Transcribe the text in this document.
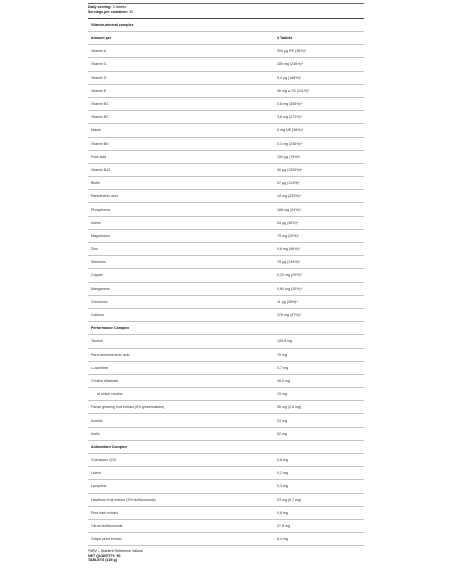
Daily serving: 3 tablets
Servings per container: 30
Vitamin-mineral complex
Amount per	3 Tablets
Vitamin A	300 µg RE (38%)*
Vitamin C	189 mg (236%)*
Vitamin D	9,4 µg (188%)*
Vitamin E	36 mg α-TE (311%)*
Vitamin B1	3,8 mg (345%)*
Vitamin B2	3,8 mg (271%)*
Niacin	6 mg NE (38%)*
Vitamin B6	3,3 mg (236%)*
Folic acid	150 µg (75%)*
Vitamin B12	30 µg (1200%)*
Biotin	57 µg (114%)*
Pantothenic acid	14 mg (233%)*
Phosphorus	168 mg (24%)*
Iodine	54 µg (36%)*
Magnesium	75 mg (20%)*
Zinc	9,6 mg (96%)*
Selenium	78 µg (139%)*
Copper	0,29 mg (29%)*
Manganese	0,60 mg (30%)*
Chromium	11 µg (28%)*
Calcium	375 mg (47%)*
Performance Complex
Taurine	105,6 mg
Para-aminobenzoic acid	75 mg
L-carnitine	4,7 mg
Choline bitartrate	45,9 mg
of which choline	19 mg
Panax ginseng root extract (5% ginsenosides)	56 mg (2,8 mg)
Inositol	23 mg
Inulin	52 mg
Antioxidant Complex
Coenzyme Q10	0,8 mg
Lutein	0,2 mg
Lycopene	0,3 mg
Hawthorn fruit extract (3% bioflavonoids)	23 mg (0,7 mg)
Pine bark extract	0,8 mg
Citrus bioflavonoids	37,8 mg
Grape seed extract	6,4 mg
*NRV – Nutrient Reference Values
NET QUANTITY: 90
TABLETS (135 g)
